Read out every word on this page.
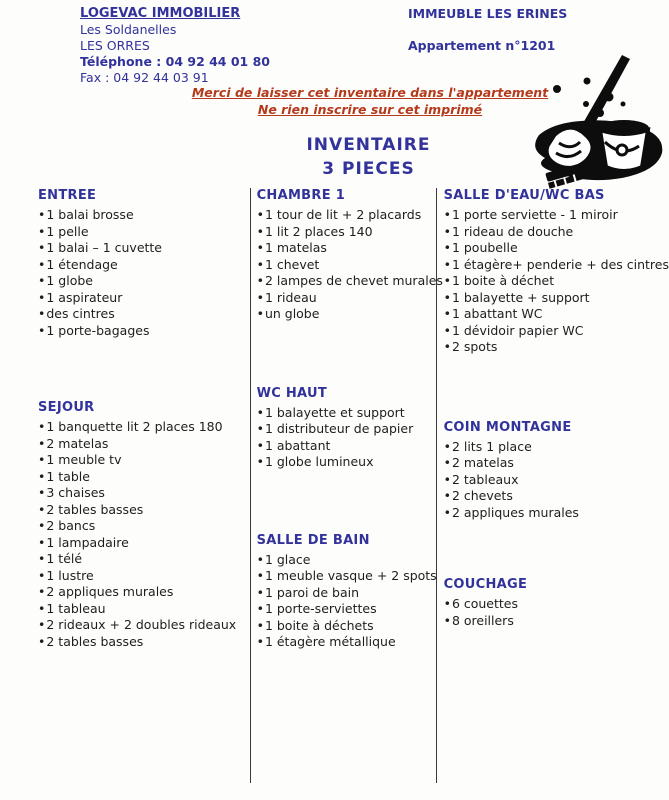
LOGEVAC IMMOBILIER
Les Soldanelles
LES ORRES
Téléphone : 04 92 44 01 80
Fax : 04 92 44 03 91
IMMEUBLE LES ERINES
Appartement n°1201
Merci de laisser cet inventaire dans l'appartement
Ne rien inscrire sur cet imprimé
INVENTAIRE
3 PIECES
ENTREE
• 1 balai brosse
• 1 pelle
• 1 balai – 1 cuvette
• 1 étendage
• 1 globe
• 1 aspirateur
• des cintres
• 1 porte-bagages
SEJOUR
• 1 banquette lit 2 places 180
• 2 matelas
• 1 meuble tv
• 1 table
• 3 chaises
• 2 tables basses
• 2 bancs
• 1 lampadaire
• 1 télé
• 1 lustre
• 2 appliques murales
• 1 tableau
• 2 rideaux + 2 doubles rideaux
• 2 tables basses
CHAMBRE 1
• 1 tour de lit + 2 placards
• 1 lit 2 places 140
• 1 matelas
• 1 chevet
• 2 lampes de chevet murales
• 1 rideau
• un globe
WC HAUT
• 1 balayette et support
• 1 distributeur de papier
• 1 abattant
• 1 globe lumineux
SALLE DE BAIN
• 1 glace
• 1 meuble vasque + 2 spots
• 1 paroi de bain
• 1 porte-serviettes
• 1 boite à déchets
• 1 étagère métallique
SALLE D'EAU/WC BAS
• 1 porte serviette - 1 miroir
• 1 rideau de douche
• 1 poubelle
• 1 étagère+ penderie + des cintres
• 1 boite à déchet
• 1 balayette + support
• 1 abattant WC
• 1 dévidoir papier WC
• 2 spots
COIN MONTAGNE
• 2 lits 1 place
• 2 matelas
• 2 tableaux
• 2 chevets
• 2 appliques murales
COUCHAGE
• 6 couettes
• 8 oreillers
